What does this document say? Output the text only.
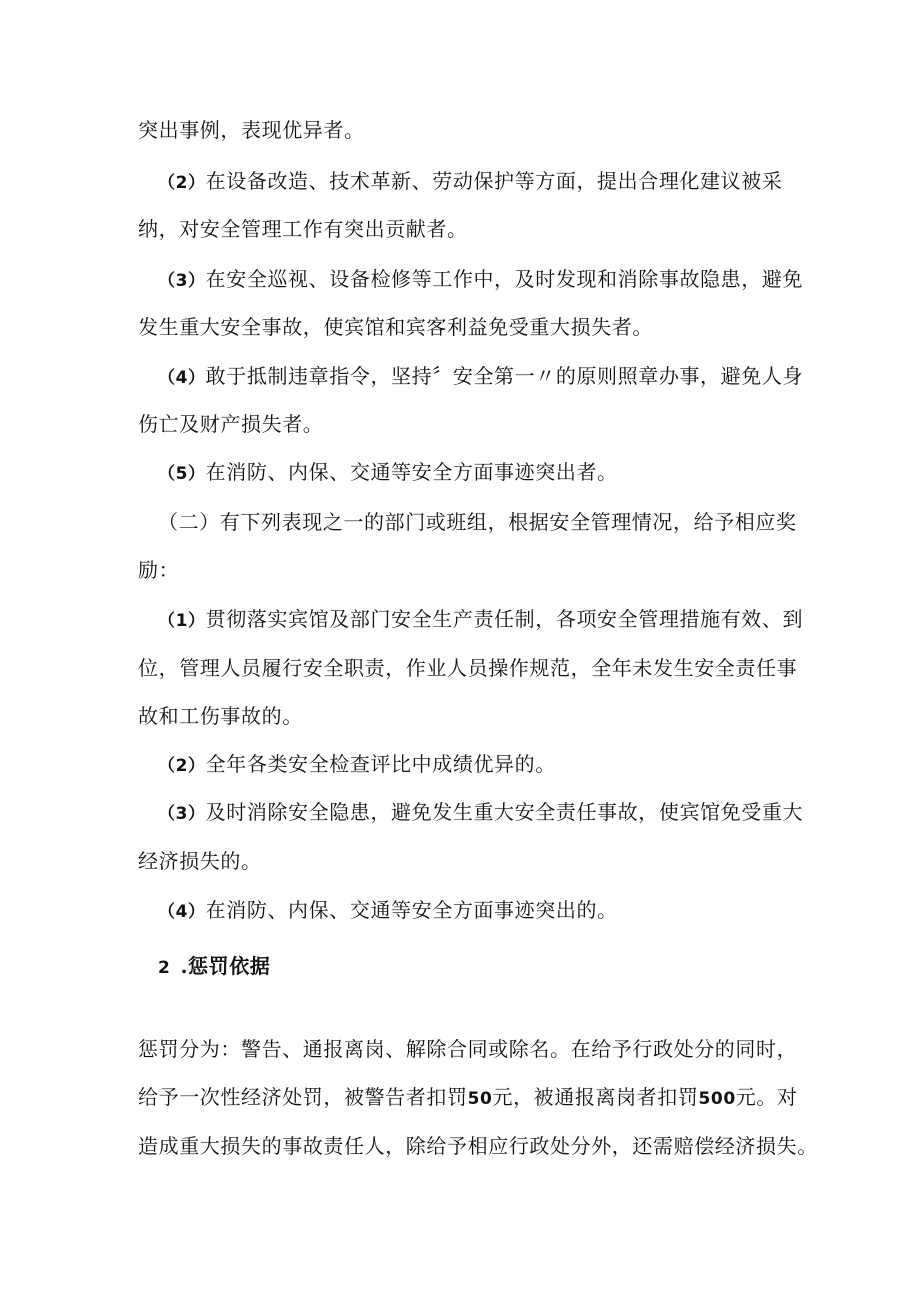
突出事例，表现优异者。
（2）在设备改造、技术革新、劳动保护等方面，提出合理化建议被采
纳，对安全管理工作有突出贡献者。
（3）在安全巡视、设备检修等工作中，及时发现和消除事故隐患，避免
发生重大安全事故，使宾馆和宾客利益免受重大损失者。
（4）敢于抵制违章指令，坚持〞安全第一〃的原则照章办事，避免人身
伤亡及财产损失者。
（5）在消防、内保、交通等安全方面事迹突出者。
（二）有下列表现之一的部门或班组，根据安全管理情况，给予相应奖
励：
（1）贯彻落实宾馆及部门安全生产责任制，各项安全管理措施有效、到
位，管理人员履行安全职责，作业人员操作规范，全年未发生安全责任事
故和工伤事故的。
（2）全年各类安全检查评比中成绩优异的。
（3）及时消除安全隐患，避免发生重大安全责任事故，使宾馆免受重大
经济损失的。
（4）在消防、内保、交通等安全方面事迹突出的。
2 .惩罚依据
惩罚分为：警告、通报离岗、解除合同或除名。在给予行政处分的同时，
给予一次性经济处罚，被警告者扣罚50元，被通报离岗者扣罚500元。对
造成重大损失的事故责任人，除给予相应行政处分外，还需赔偿经济损失。
